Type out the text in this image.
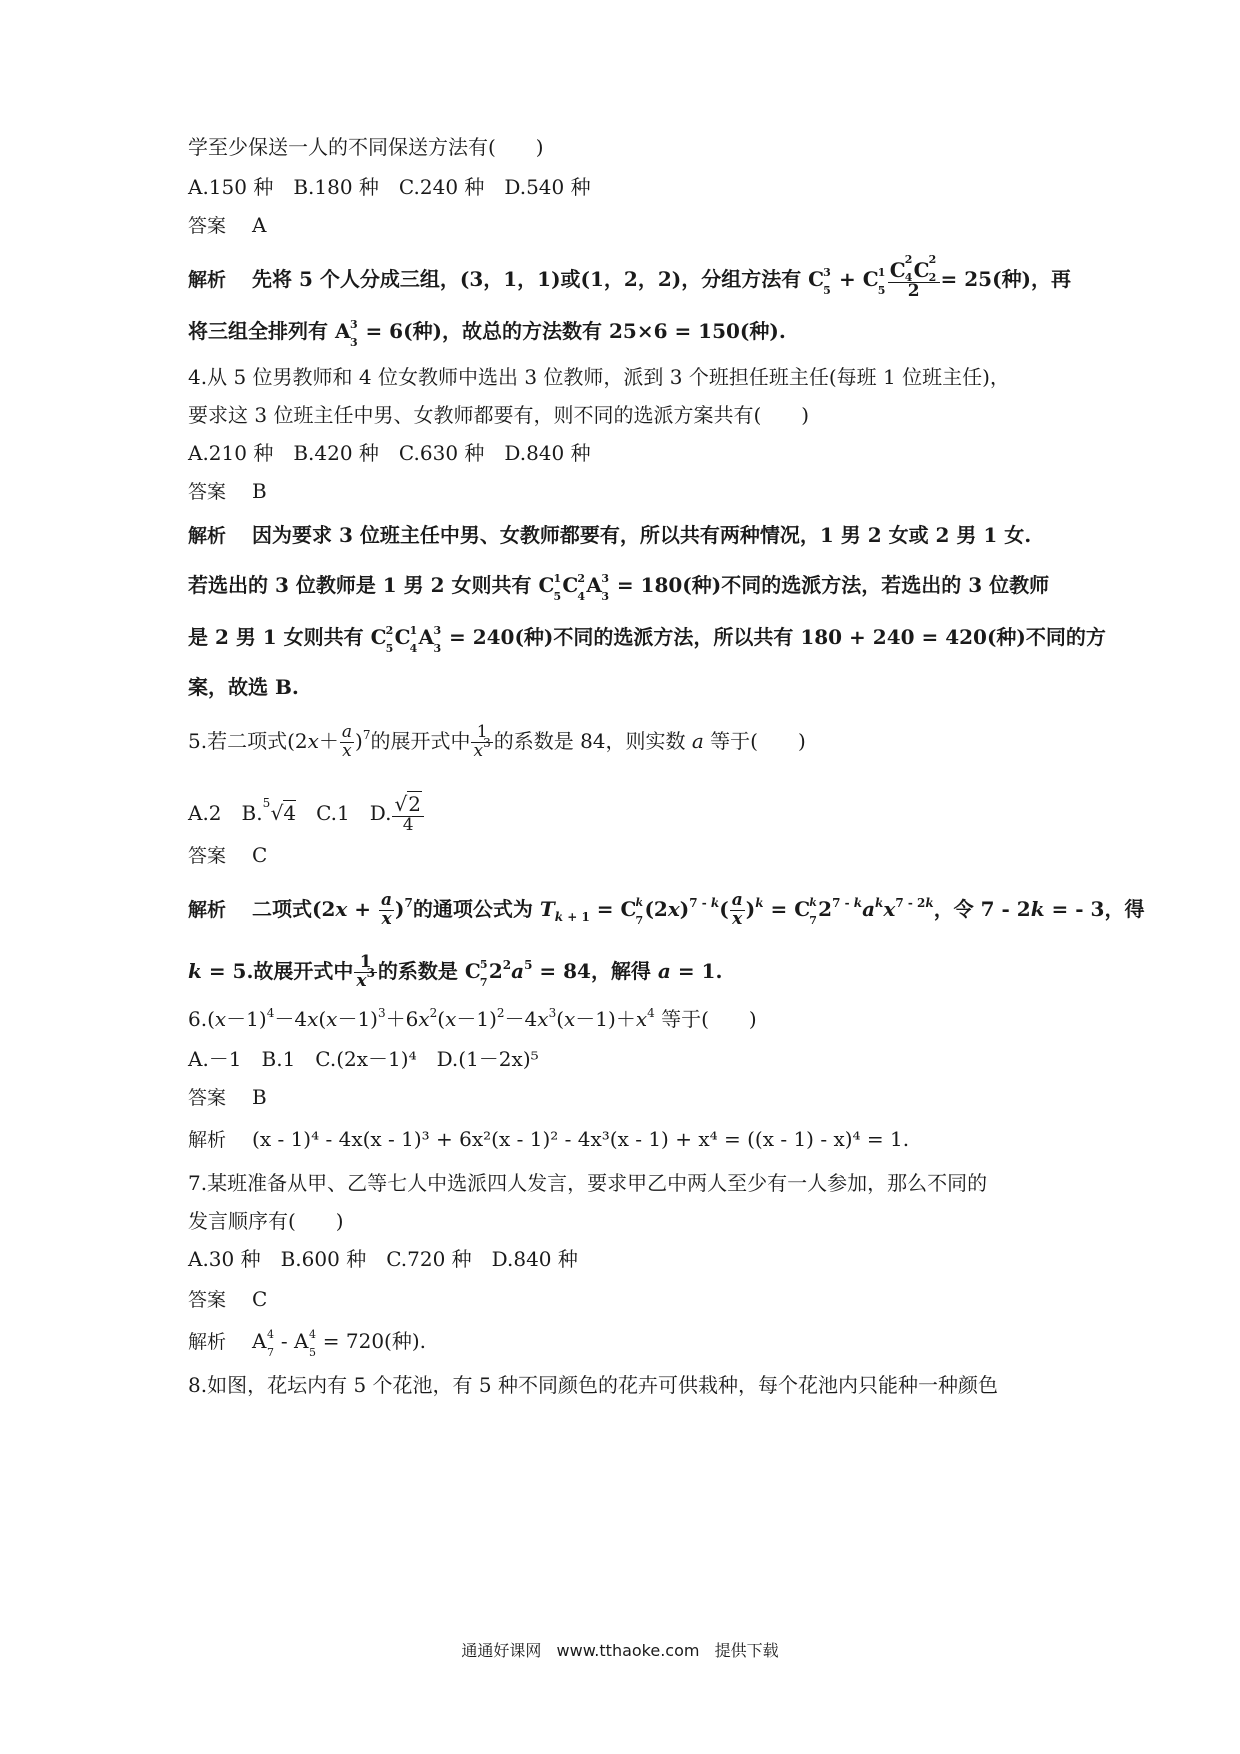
学至少保送一人的不同保送方法有(　　)
A.150 种　B.180 种　C.240 种　D.540 种
答案 A
解析 先将 5 个人分成三组，(3，1，1)或(1，2，2)，分组方法有 C 3
5 + C 1
5 C 2
4 C 2
2
2 = 25(种)，再
将三组全排列有 A 3
3 = 6(种)，故总的方法数有 25×6 = 150(种).
4.从 5 位男教师和 4 位女教师中选出 3 位教师，派到 3 个班担任班主任(每班 1 位班主任)，
要求这 3 位班主任中男、女教师都要有，则不同的选派方案共有(　　)
A.210 种　B.420 种　C.630 种　D.840 种
答案 B
解析 因为要求 3 位班主任中男、女教师都要有，所以共有两种情况，1 男 2 女或 2 男 1 女.
若选出的 3 位教师是 1 男 2 女则共有 C 1
5 C 2
4 A 3
3 = 180(种)不同的选派方法，若选出的 3 位教师
是 2 男 1 女则共有 C 2
5 C 1
4 A 3
3 = 240(种)不同的选派方法，所以共有 180 + 240 = 420(种)不同的方
案，故选 B.
5.若二项式$(2x+ \frac{a}{x} )^7$的展开式中 $\frac{1}{x^3}$ 的系数是 84，则实数 a 等于(　　)
A.2　B. 5 √4　C.1　D. $\frac{√2}{4}$
答案 C
解析 二项式$(2x + \frac{a}{x} )^7$的通项公式为 $T_{k + 1} = C$ k
7 $(2x)^{7 - k}( \frac{a}{x} )^k = C$ k
7 $2^{7 - k}a^kx^{7 - 2k}$，令 7 - 2k = - 3，得
k = 5.故展开式中 $\frac{1}{x^3}$ 的系数是 C 5
7 $2^2a^5 = 84$，解得 a = 1.
$6.(x-1)^4-4x(x-1)^3+6x^2(x-1)^2-4x^3(x-1)+x^4$ 等于(　　)
A.－1　B.1　C.(2x－1)⁴　D.(1－2x)⁵
答案 B
解析 (x - 1)⁴ - 4x(x - 1)³ + 6x²(x - 1)² - 4x³(x - 1) + x⁴ = ((x - 1) - x)⁴ = 1.
7.某班准备从甲、乙等七人中选派四人发言，要求甲乙中两人至少有一人参加，那么不同的
发言顺序有(　　)
A.30 种　B.600 种　C.720 种　D.840 种
答案 C
解析 A 4
7 - A 4
5 = 720(种).
8.如图，花坛内有 5 个花池，有 5 种不同颜色的花卉可供栽种，每个花池内只能种一种颜色
通通好课网 www.tthaoke.com 提供下载
